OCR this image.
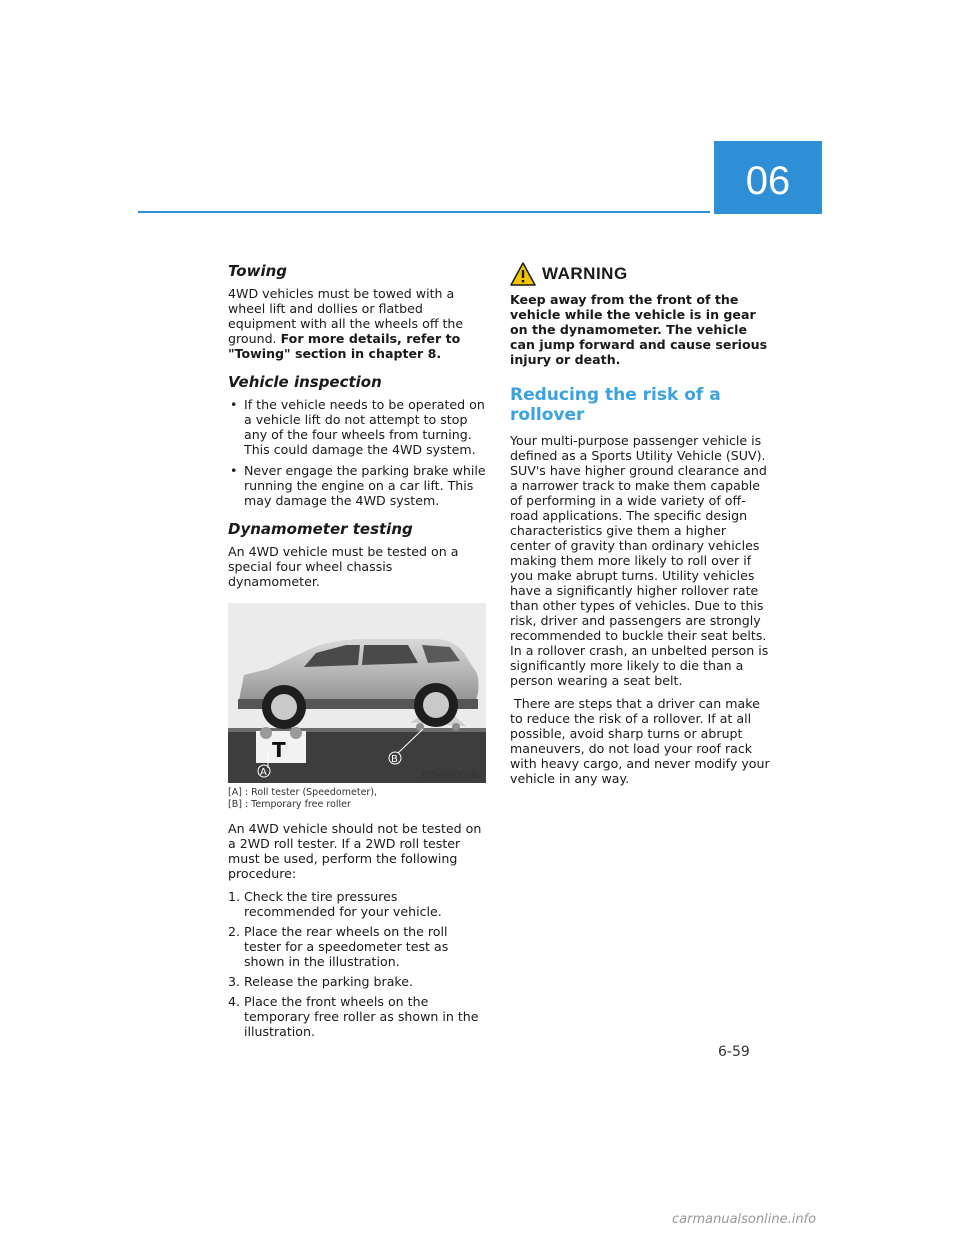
06
Towing

4WD vehicles must be towed with a wheel lift and dollies or flatbed equipment with all the wheels off the ground. For more details, refer to "Towing" section in chapter 8.

Vehicle inspection
• If the vehicle needs to be operated on a vehicle lift do not attempt to stop any of the four wheels from turning. This could damage the 4WD system.
• Never engage the parking brake while running the engine on a car lift. This may damage the 4WD system.
Dynamometer testing

An 4WD vehicle must be tested on a special four wheel chassis dynamometer.

T
A
B
OTM060016L
[A] : Roll tester (Speedometer),
[B] : Temporary free roller

An 4WD vehicle should not be tested on a 2WD roll tester. If a 2WD roll tester must be used, perform the following procedure:

1. Check the tire pressures recommended for your vehicle.
2. Place the rear wheels on the roll tester for a speedometer test as shown in the illustration.
3. Release the parking brake.
4. Place the front wheels on the temporary free roller as shown in the illustration.
WARNING

Keep away from the front of the vehicle while the vehicle is in gear on the dynamometer. The vehicle can jump forward and cause serious injury or death.

Reducing the risk of a rollover

Your multi-purpose passenger vehicle is defined as a Sports Utility Vehicle (SUV). SUV's have higher ground clearance and a narrower track to make them capable of performing in a wide variety of off-road applications. The specific design characteristics give them a higher center of gravity than ordinary vehicles making them more likely to roll over if you make abrupt turns. Utility vehicles have a significantly higher rollover rate than other types of vehicles. Due to this risk, driver and passengers are strongly recommended to buckle their seat belts. In a rollover crash, an unbelted person is significantly more likely to die than a person wearing a seat belt.

There are steps that a driver can make to reduce the risk of a rollover. If at all possible, avoid sharp turns or abrupt maneuvers, do not load your roof rack with heavy cargo, and never modify your vehicle in any way.

6-59
carmanualsonline.info
